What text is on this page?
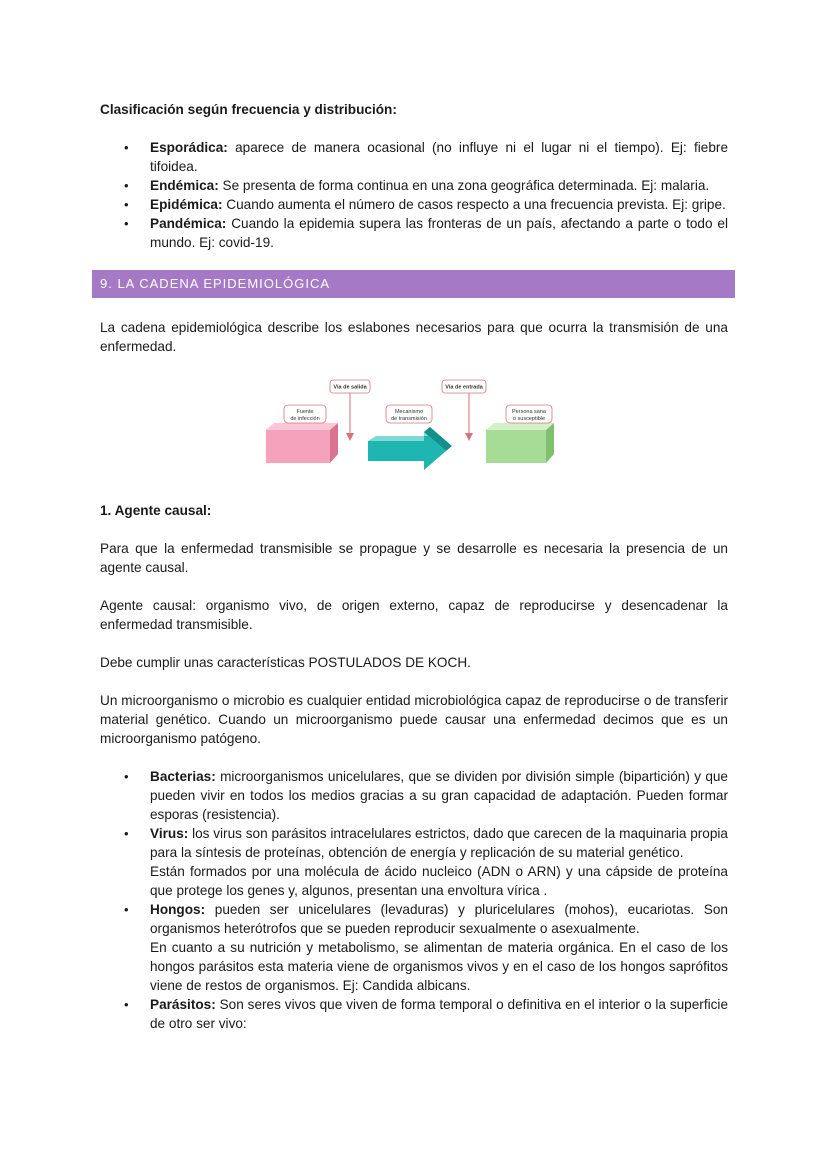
Clasificación según frecuencia y distribución:
• Esporádica: aparece de manera ocasional (no influye ni el lugar ni el tiempo). Ej: fiebre tifoidea.
• Endémica: Se presenta de forma continua en una zona geográfica determinada. Ej: malaria.
• Epidémica: Cuando aumenta el número de casos respecto a una frecuencia prevista. Ej: gripe.
• Pandémica: Cuando la epidemia supera las fronteras de un país, afectando a parte o todo el mundo. Ej: covid-19.
9. LA CADENA EPIDEMIOLÓGICA
La cadena epidemiológica describe los eslabones necesarios para que ocurra la transmisión de una enfermedad.
Vía de salida	Vía de entrada
Fuente
de infección
Mecanismo
de transmisión
Persona sana
o susceptible
1. Agente causal:
Para que la enfermedad transmisible se propague y se desarrolle es necesaria la presencia de un agente causal.
Agente causal: organismo vivo, de origen externo, capaz de reproducirse y desencadenar la enfermedad transmisible.
Debe cumplir unas características POSTULADOS DE KOCH.
Un microorganismo o microbio es cualquier entidad microbiológica capaz de reproducirse o de transferir material genético. Cuando un microorganismo puede causar una enfermedad decimos que es un microorganismo patógeno.
• Bacterias: microorganismos unicelulares, que se dividen por división simple (bipartición) y que pueden vivir en todos los medios gracias a su gran capacidad de adaptación. Pueden formar esporas (resistencia).
• Virus: los virus son parásitos intracelulares estrictos, dado que carecen de la maquinaria propia para la síntesis de proteínas, obtención de energía y replicación de su material genético.
Están formados por una molécula de ácido nucleico (ADN o ARN) y una cápside de proteína que protege los genes y, algunos, presentan una envoltura vírica .
• Hongos: pueden ser unicelulares (levaduras) y pluricelulares (mohos), eucariotas. Son organismos heterótrofos que se pueden reproducir sexualmente o asexualmente.
En cuanto a su nutrición y metabolismo, se alimentan de materia orgánica. En el caso de los hongos parásitos esta materia viene de organismos vivos y en el caso de los hongos saprófitos viene de restos de organismos. Ej: Candida albicans.
• Parásitos: Son seres vivos que viven de forma temporal o definitiva en el interior o la superficie de otro ser vivo:
